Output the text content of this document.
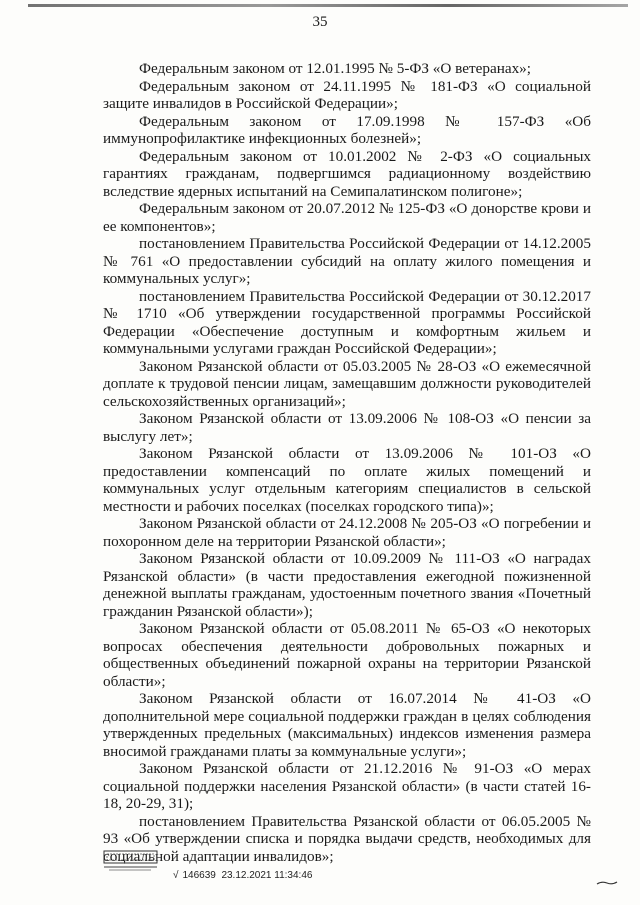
35

Федеральным законом от 12.01.1995 № 5-ФЗ «О ветеранах»;

Федеральным законом от 24.11.1995 № 181-ФЗ «О социальной защите инвалидов в Российской Федерации»;

Федеральным законом от 17.09.1998 № 157-ФЗ «Об иммунопрофилактике инфекционных болезней»;

Федеральным законом от 10.01.2002 № 2-ФЗ «О социальных гарантиях гражданам, подвергшимся радиационному воздействию вследствие ядерных испытаний на Семипалатинском полигоне»;

Федеральным законом от 20.07.2012 № 125-ФЗ «О донорстве крови и ее компонентов»;

постановлением Правительства Российской Федерации от 14.12.2005 № 761 «О предоставлении субсидий на оплату жилого помещения и коммунальных услуг»;

постановлением Правительства Российской Федерации от 30.12.2017 № 1710 «Об утверждении государственной программы Российской Федерации «Обеспечение доступным и комфортным жильем и коммунальными услугами граждан Российской Федерации»;

Законом Рязанской области от 05.03.2005 № 28-ОЗ «О ежемесячной доплате к трудовой пенсии лицам, замещавшим должности руководителей сельскохозяйственных организаций»;

Законом Рязанской области от 13.09.2006 № 108-ОЗ «О пенсии за выслугу лет»;

Законом Рязанской области от 13.09.2006 № 101-ОЗ «О предоставлении компенсаций по оплате жилых помещений и коммунальных услуг отдельным категориям специалистов в сельской местности и рабочих поселках (поселках городского типа)»;

Законом Рязанской области от 24.12.2008 № 205-ОЗ «О погребении и похоронном деле на территории Рязанской области»;

Законом Рязанской области от 10.09.2009 № 111-ОЗ «О наградах Рязанской области» (в части предоставления ежегодной пожизненной денежной выплаты гражданам, удостоенным почетного звания «Почетный гражданин Рязанской области»);

Законом Рязанской области от 05.08.2011 № 65-ОЗ «О некоторых вопросах обеспечения деятельности добровольных пожарных и общественных объединений пожарной охраны на территории Рязанской области»;

Законом Рязанской области от 16.07.2014 № 41-ОЗ «О дополнительной мере социальной поддержки граждан в целях соблюдения утвержденных предельных (максимальных) индексов изменения размера вносимой гражданами платы за коммунальные услуги»;

Законом Рязанской области от 21.12.2016 № 91-ОЗ «О мерах социальной поддержки населения Рязанской области» (в части статей 16-18, 20-29, 31);

постановлением Правительства Рязанской области от 06.05.2005 № 93 «Об утверждении списка и порядка выдачи средств, необходимых для социальной адаптации инвалидов»;

√ 146639 23.12.2021 11:34:46
